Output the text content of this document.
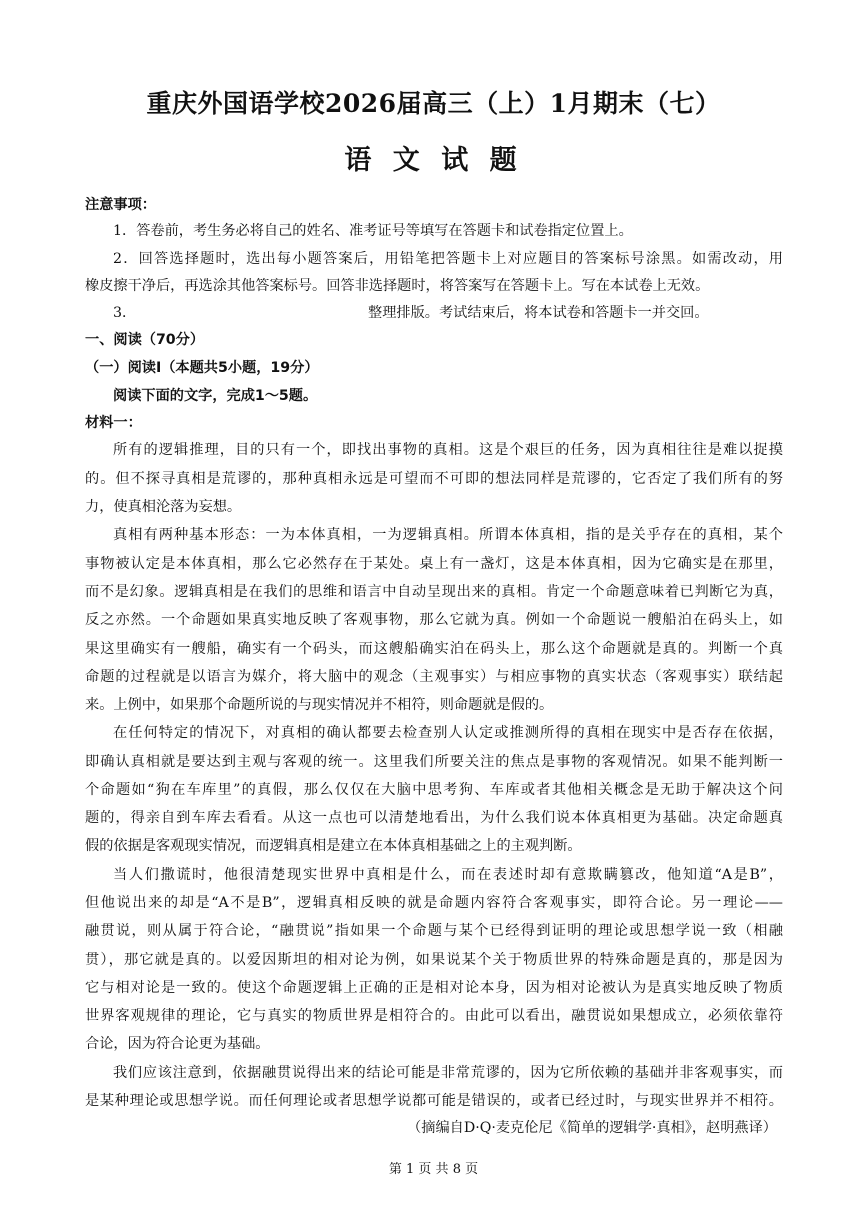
重庆外国语学校2026届高三（上）1月期末（七）
语 文 试 题
注意事项：
1．答卷前，考生务必将自己的姓名、准考证号等填写在答题卡和试卷指定位置上。
2．回答选择题时，选出每小题答案后，用铅笔把答题卡上对应题目的答案标号涂黑。如需改动，用
橡皮擦干净后，再选涂其他答案标号。回答非选择题时，将答案写在答题卡上。写在本试卷上无效。
3．	整理排版。考试结束后，将本试卷和答题卡一并交回。
一、阅读（70分）
（一）阅读Ⅰ（本题共5小题，19分）
阅读下面的文字，完成1～5题。
材料一：
所有的逻辑推理，目的只有一个，即找出事物的真相。这是个艰巨的任务，因为真相往往是难以捉摸
的。但不探寻真相是荒谬的，那种真相永远是可望而不可即的想法同样是荒谬的，它否定了我们所有的努
力，使真相沦落为妄想。
真相有两种基本形态：一为本体真相，一为逻辑真相。所谓本体真相，指的是关乎存在的真相，某个
事物被认定是本体真相，那么它必然存在于某处。桌上有一盏灯，这是本体真相，因为它确实是在那里，
而不是幻象。逻辑真相是在我们的思维和语言中自动呈现出来的真相。肯定一个命题意味着已判断它为真，
反之亦然。一个命题如果真实地反映了客观事物，那么它就为真。例如一个命题说一艘船泊在码头上，如
果这里确实有一艘船，确实有一个码头，而这艘船确实泊在码头上，那么这个命题就是真的。判断一个真
命题的过程就是以语言为媒介，将大脑中的观念（主观事实）与相应事物的真实状态（客观事实）联结起
来。上例中，如果那个命题所说的与现实情况并不相符，则命题就是假的。
在任何特定的情况下，对真相的确认都要去检查别人认定或推测所得的真相在现实中是否存在依据，
即确认真相就是要达到主观与客观的统一。这里我们所要关注的焦点是事物的客观情况。如果不能判断一
个命题如“狗在车库里”的真假，那么仅仅在大脑中思考狗、车库或者其他相关概念是无助于解决这个问
题的，得亲自到车库去看看。从这一点也可以清楚地看出，为什么我们说本体真相更为基础。决定命题真
假的依据是客观现实情况，而逻辑真相是建立在本体真相基础之上的主观判断。
当人们撒谎时，他很清楚现实世界中真相是什么，而在表述时却有意欺瞒篡改，他知道“A是B”，
但他说出来的却是“A不是B”，逻辑真相反映的就是命题内容符合客观事实，即符合论。另一理论——
融贯说，则从属于符合论，“融贯说”指如果一个命题与某个已经得到证明的理论或思想学说一致（相融
贯），那它就是真的。以爱因斯坦的相对论为例，如果说某个关于物质世界的特殊命题是真的，那是因为
它与相对论是一致的。使这个命题逻辑上正确的正是相对论本身，因为相对论被认为是真实地反映了物质
世界客观规律的理论，它与真实的物质世界是相符合的。由此可以看出，融贯说如果想成立，必须依靠符
合论，因为符合论更为基础。
我们应该注意到，依据融贯说得出来的结论可能是非常荒谬的，因为它所依赖的基础并非客观事实，而
是某种理论或思想学说。而任何理论或者思想学说都可能是错误的，或者已经过时，与现实世界并不相符。
（摘编自D·Q·麦克伦尼《简单的逻辑学·真相》，赵明燕译）
第 1 页 共 8 页
